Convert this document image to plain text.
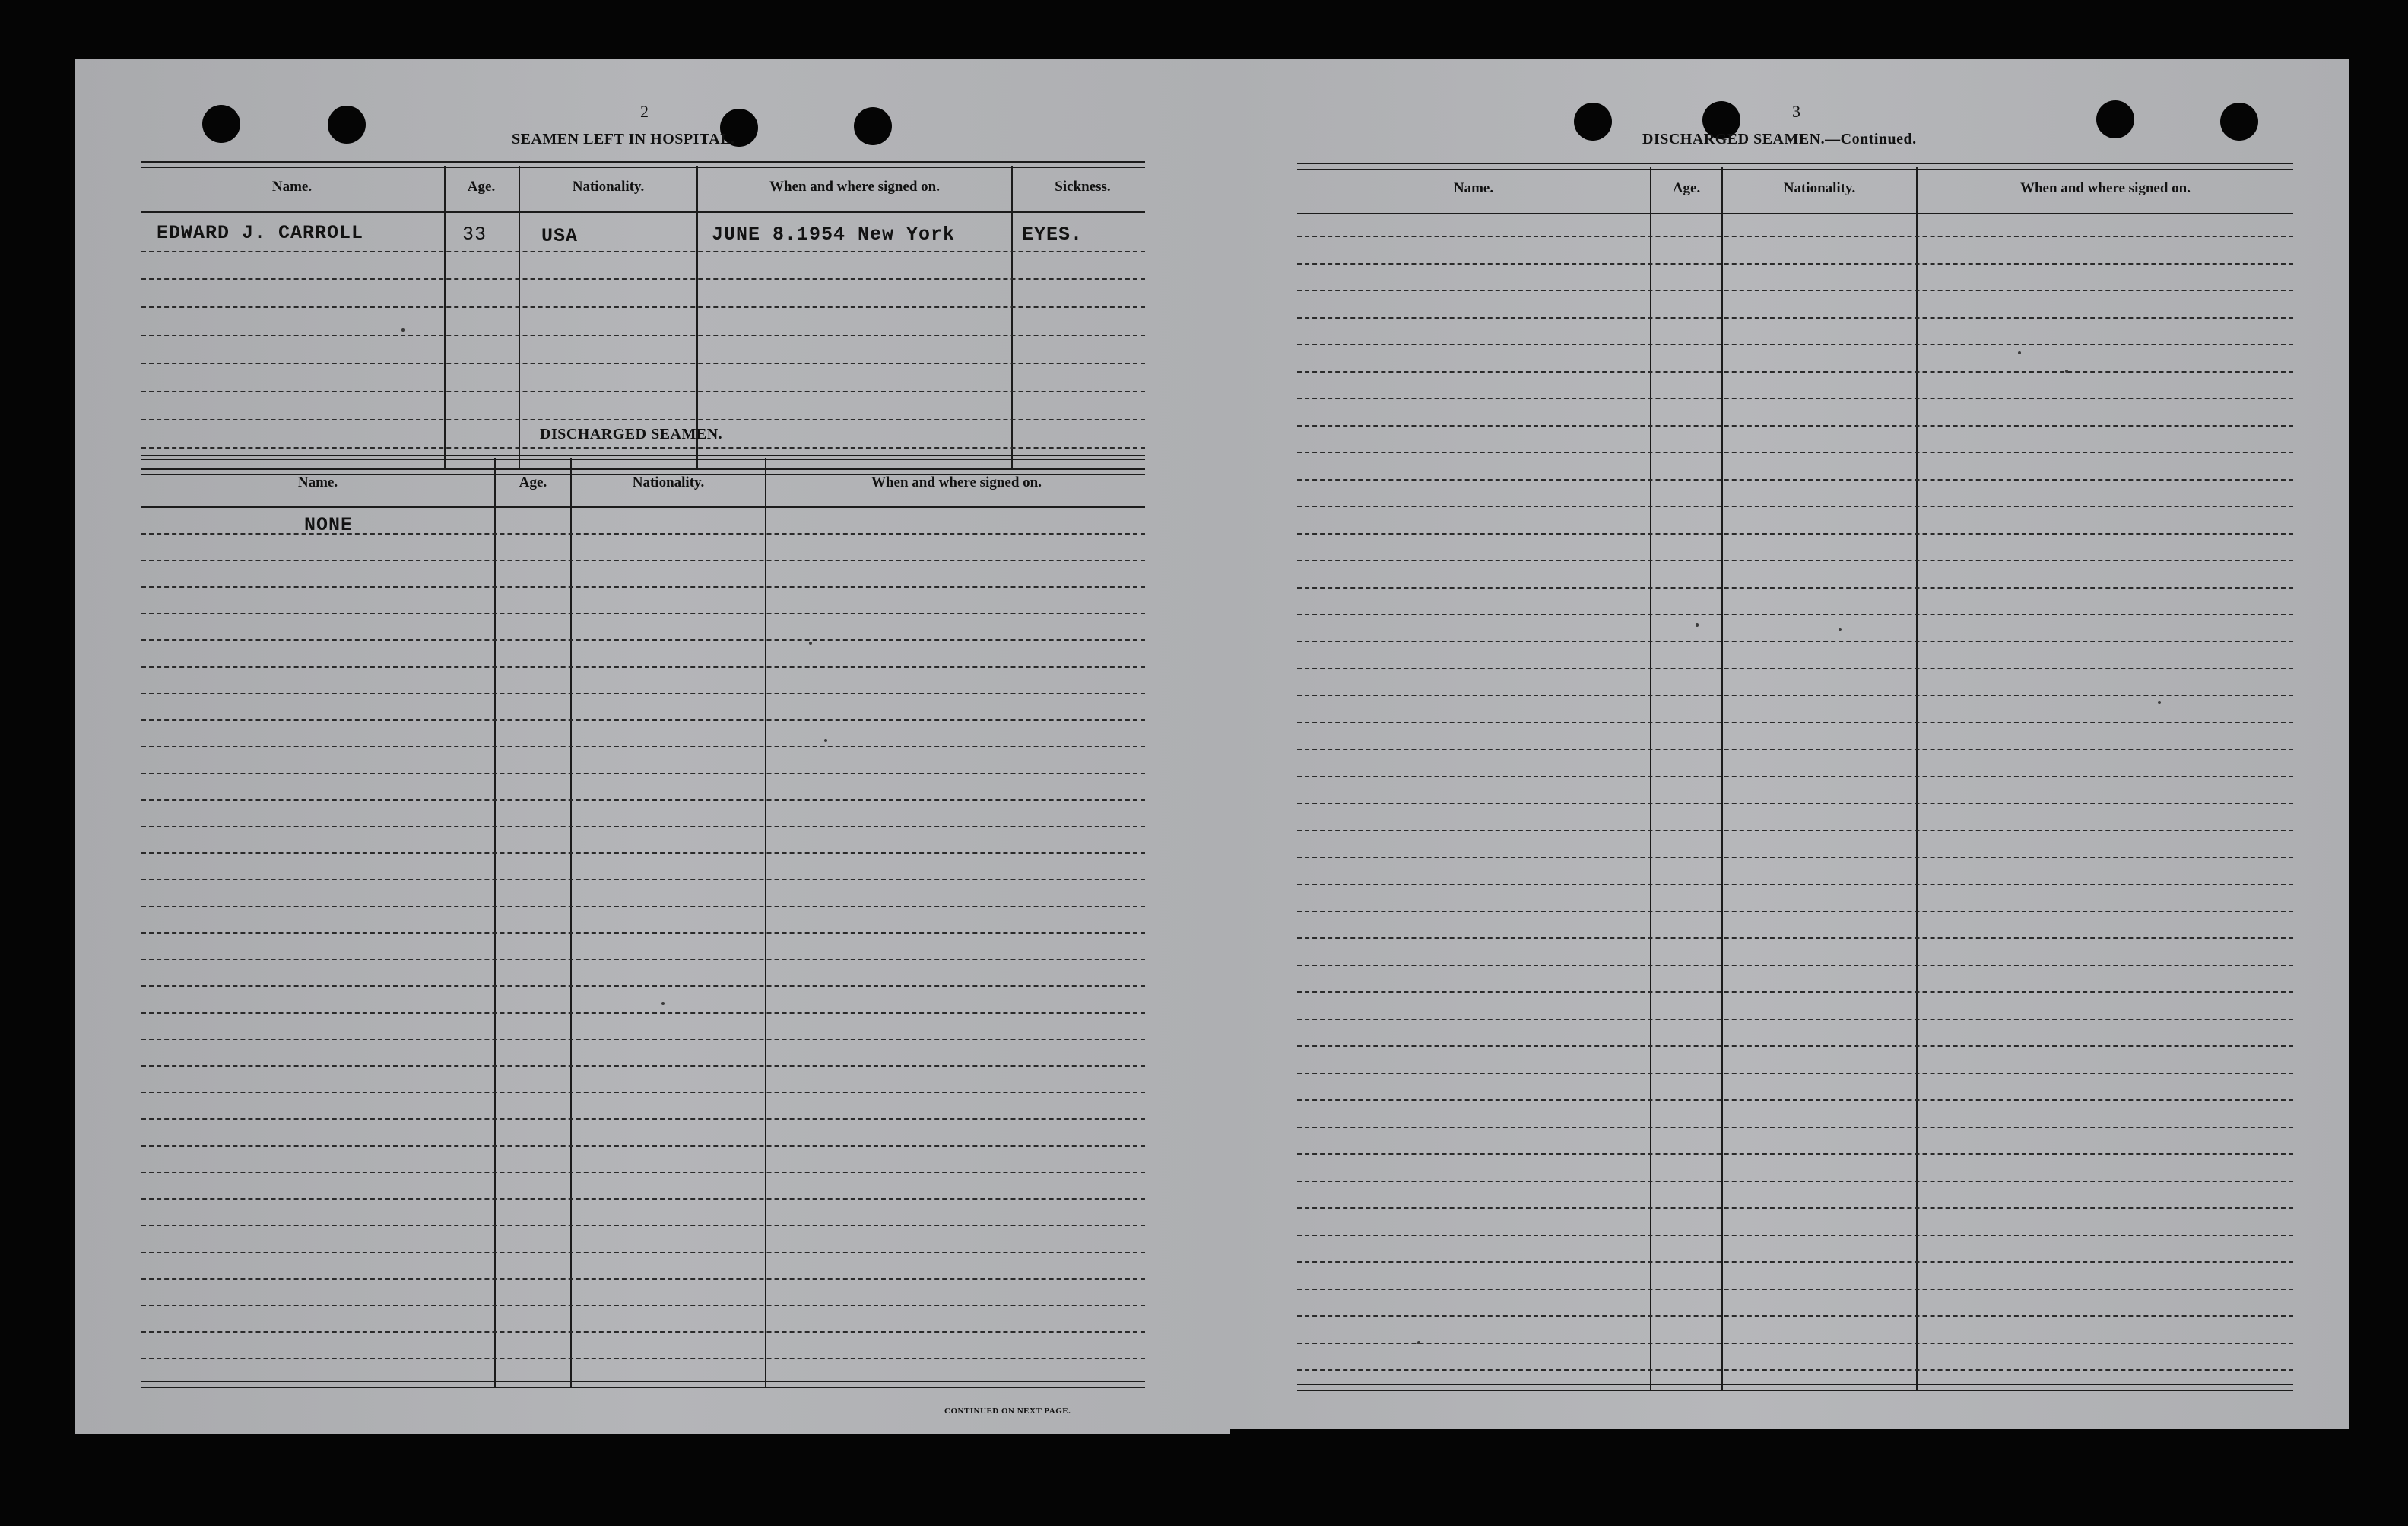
2
SEAMEN LEFT IN HOSPITAL.
Name.	Age.	Nationality.	When and where signed on.	Sickness.
EDWARD J. CARROLL	33	USA	JUNE 8.1954 New York	EYES.
DISCHARGED SEAMEN.
Name.	Age.	Nationality.	When and where signed on.
NONE
CONTINUED ON NEXT PAGE.
3
DISCHARGED SEAMEN.—Continued.
Name.	Age.	Nationality.	When and where signed on.
